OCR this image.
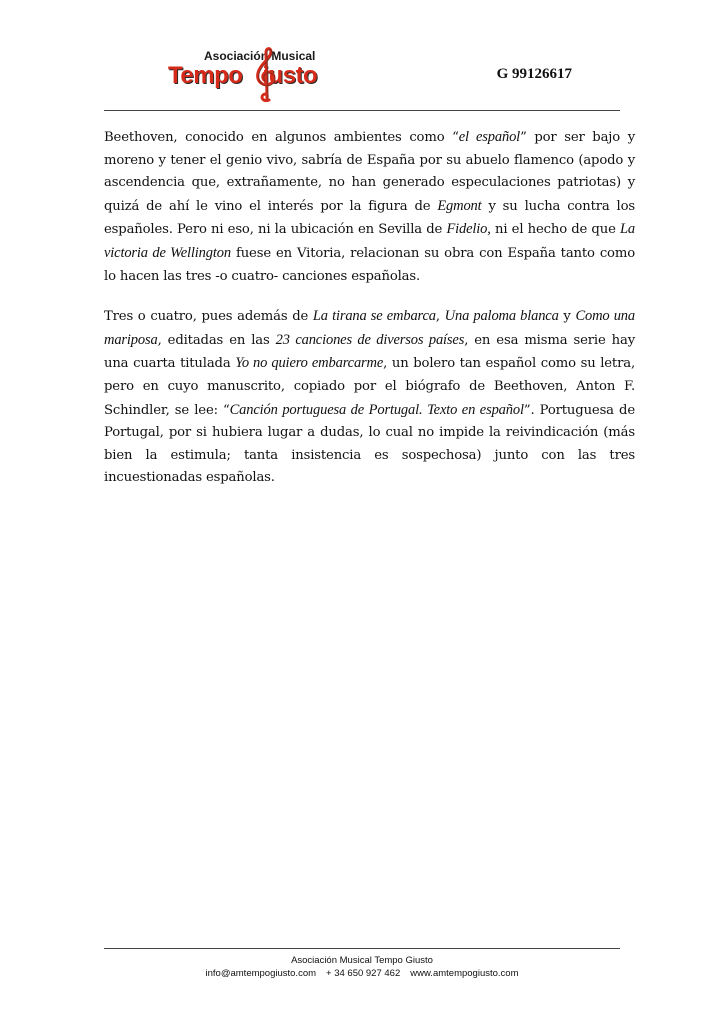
Asociación Musical
Tempo iusto	G 99126617

Beethoven, conocido en algunos ambientes como “el español” por ser bajo y moreno y tener el genio vivo, sabría de España por su abuelo flamenco (apodo y ascendencia que, extrañamente, no han generado especulaciones patriotas) y quizá de ahí le vino el interés por la figura de Egmont y su lucha contra los españoles. Pero ni eso, ni la ubicación en Sevilla de Fidelio, ni el hecho de que La victoria de Wellington fuese en Vitoria, relacionan su obra con España tanto como lo hacen las tres -o cuatro- canciones españolas.

Tres o cuatro, pues además de La tirana se embarca, Una paloma blanca y Como una mariposa, editadas en las 23 canciones de diversos países, en esa misma serie hay una cuarta titulada Yo no quiero embarcarme, un bolero tan español como su letra, pero en cuyo manuscrito, copiado por el biógrafo de Beethoven, Anton F. Schindler, se lee: “Canción portuguesa de Portugal. Texto en español”. Portuguesa de Portugal, por si hubiera lugar a dudas, lo cual no impide la reivindicación (más bien la estimula; tanta insistencia es sospechosa) junto con las tres incuestionadas españolas.

Asociación Musical Tempo Giusto
info@amtempogiusto.com + 34 650 927 462 www.amtempogiusto.com
